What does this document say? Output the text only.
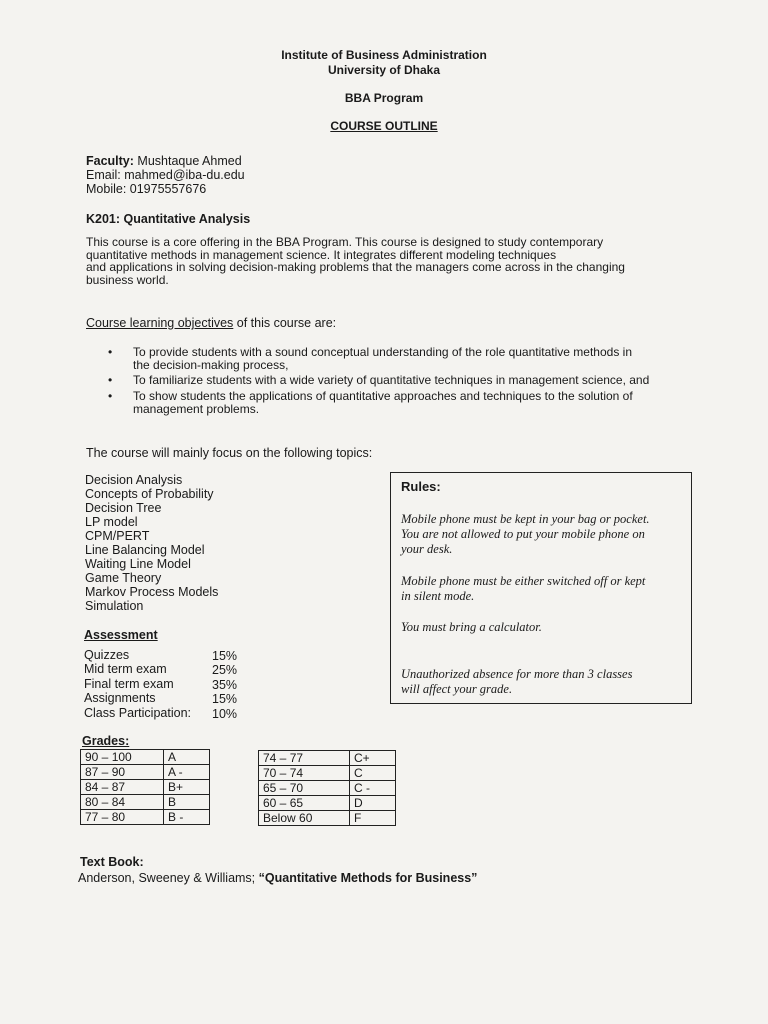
Institute of Business Administration
University of Dhaka
BBA Program
COURSE OUTLINE
Faculty: Mushtaque Ahmed
Email: mahmed@iba-du.edu
Mobile: 01975557676
K201: Quantitative Analysis
This course is a core offering in the BBA Program. This course is designed to study contemporary
quantitative methods in management science. It integrates different modeling techniques
and applications in solving decision-making problems that the managers come across in the changing
business world.
Course learning objectives of this course are:
• To provide students with a sound conceptual understanding of the role quantitative methods in
the decision-making process,
• To familiarize students with a wide variety of quantitative techniques in management science, and
• To show students the applications of quantitative approaches and techniques to the solution of
management problems.
The course will mainly focus on the following topics:
Decision Analysis
Concepts of Probability
Decision Tree
LP model
CPM/PERT
Line Balancing Model
Waiting Line Model
Game Theory
Markov Process Models
Simulation
Rules:
Mobile phone must be kept in your bag or pocket.
You are not allowed to put your mobile phone on
your desk.
Mobile phone must be either switched off or kept
in silent mode.
You must bring a calculator.
Unauthorized absence for more than 3 classes
will affect your grade.
Assessment
Quizzes	15%
Mid term exam	25%
Final term exam	35%
Assignments	15%
Class Participation: 10%
Grades:
90 – 100	A
87 – 90	A -
84 – 87	B+
80 – 84	B
77 – 80	B -
74 – 77	C+
70 – 74	C
65 – 70	C -
60 – 65	D
Below 60	F
Text Book:
Anderson, Sweeney & Williams; “Quantitative Methods for Business”
